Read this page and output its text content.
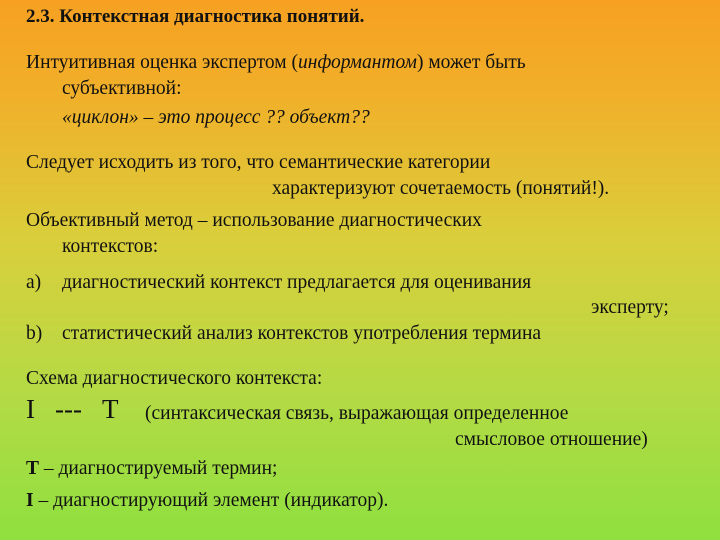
2.3. Контекстная диагностика понятий.
Интуитивная оценка экспертом (информантом) может быть
субъективной:
«циклон» – это процесс ?? объект??
Следует исходить из того, что семантические категории
характеризуют сочетаемость (понятий!).
Объективный метод – использование диагностических
контекстов:
a) диагностический контекст предлагается для оценивания
эксперту;
b) статистический анализ контекстов употребления термина
Схема диагностического контекста:
I --- T (синтаксическая связь, выражающая определенное
смысловое отношение)
T – диагностируемый термин;
I – диагностирующий элемент (индикатор).
